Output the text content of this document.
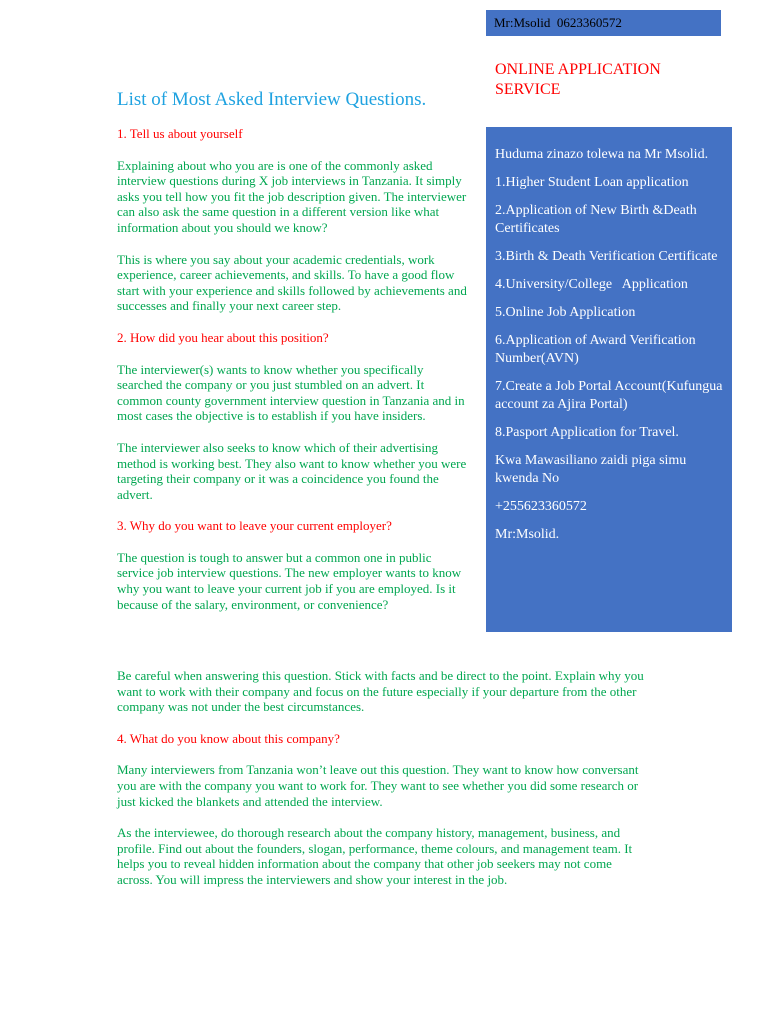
Mr:Msolid  0623360572
ONLINE APPLICATION SERVICE
List of Most Asked Interview Questions.

1. Tell us about yourself

Explaining about who you are is one of the commonly asked interview questions during X job interviews in Tanzania. It simply asks you tell how you fit the job description given. The interviewer can also ask the same question in a different version like what information about you should we know?

This is where you say about your academic credentials, work experience, career achievements, and skills. To have a good flow start with your experience and skills followed by achievements and successes and finally your next career step.

2. How did you hear about this position?

The interviewer(s) wants to know whether you specifically searched the company or you just stumbled on an advert. It common county government interview question in Tanzania and in most cases the objective is to establish if you have insiders.

The interviewer also seeks to know which of their advertising method is working best. They also want to know whether you were targeting their company or it was a coincidence you found the advert.

3. Why do you want to leave your current employer?

The question is tough to answer but a common one in public service job interview questions. The new employer wants to know why you want to leave your current job if you are employed. Is it because of the salary, environment, or convenience?

Be careful when answering this question. Stick with facts and be direct to the point. Explain why you want to work with their company and focus on the future especially if your departure from the other company was not under the best circumstances.

4. What do you know about this company?

Many interviewers from Tanzania won’t leave out this question. They want to know how conversant you are with the company you want to work for. They want to see whether you did some research or just kicked the blankets and attended the interview.

As the interviewee, do thorough research about the company history, management, business, and profile. Find out about the founders, slogan, performance, theme colours, and management team. It helps you to reveal hidden information about the company that other job seekers may not come across. You will impress the interviewers and show your interest in the job.

Huduma zinazo tolewa na Mr Msolid.
1.Higher Student Loan application
2.Application of New Birth &Death Certificates
3.Birth & Death Verification Certificate
4.University/College   Application
5.Online Job Application
6.Application of Award Verification Number(AVN)
7.Create a Job Portal Account(Kufungua account za Ajira Portal)
8.Pasport Application for Travel.
Kwa Mawasiliano zaidi piga simu kwenda No
+255623360572
Mr:Msolid.
